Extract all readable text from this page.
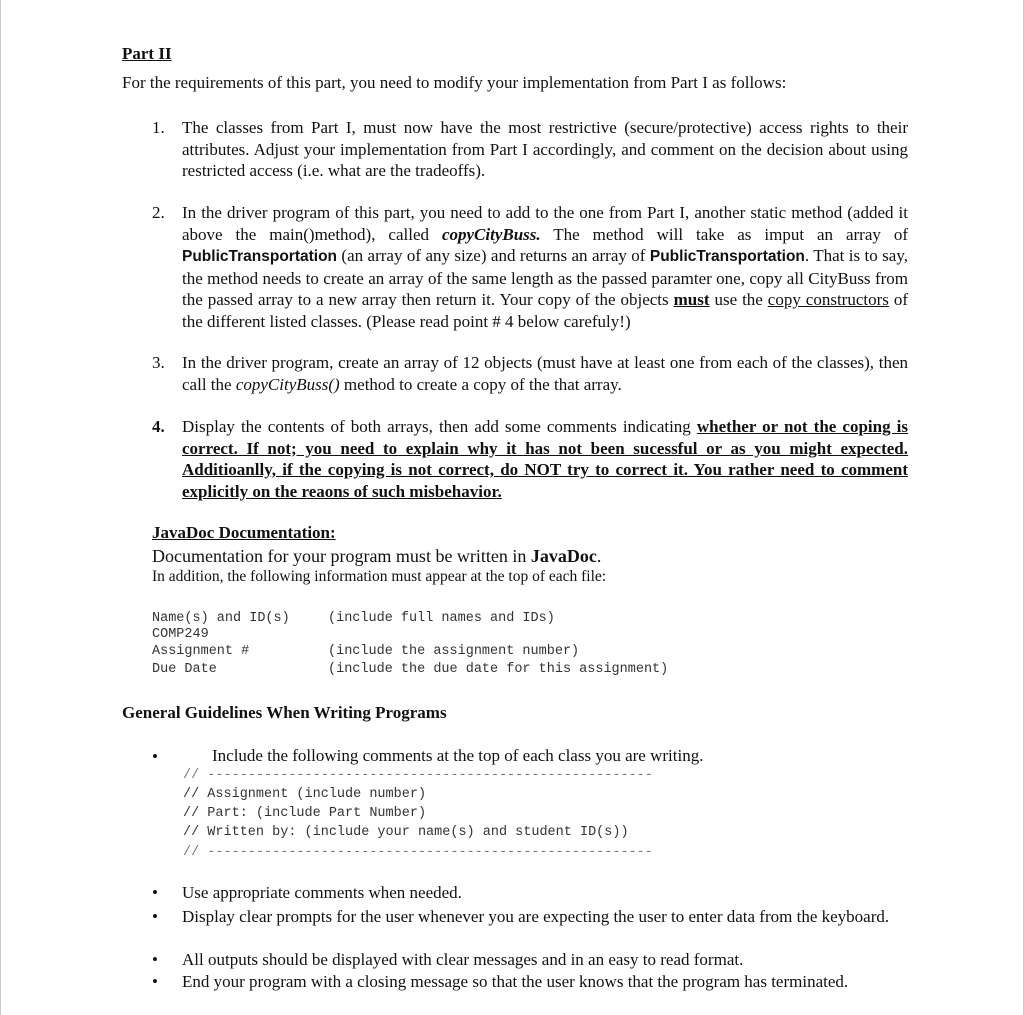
Part II

For the requirements of this part, you need to modify your implementation from Part I as follows:

1.	The classes from Part I, must now have the most restrictive (secure/protective) access rights to their attributes. Adjust your implementation from Part I accordingly, and comment on the decision about using restricted access (i.e. what are the tradeoffs).
2.	In the driver program of this part, you need to add to the one from Part I, another static method (added it above the main()method), called copyCityBuss. The method will take as imput an array of PublicTransportation (an array of any size) and returns an array of PublicTransportation. That is to say, the method needs to create an array of the same length as the passed paramter one, copy all CityBuss from the passed array to a new array then return it. Your copy of the objects must use the copy constructors of the different listed classes. (Please read point # 4 below carefuly!)
3.	In the driver program, create an array of 12 objects (must have at least one from each of the classes), then call the copyCityBuss() method to create a copy of the that array.
4.	Display the contents of both arrays, then add some comments indicating whether or not the coping is correct. If not; you need to explain why it has not been sucessful or as you might expected. Additioanlly, if the copying is not correct, do NOT try to correct it. You rather need to comment explicitly on the reaons of such misbehavior.
JavaDoc Documentation:

Documentation for your program must be written in JavaDoc.

In addition, the following information must appear at the top of each file:

Name(s) and ID(s)	(include full names and IDs)
COMP249
Assignment #	(include the assignment number)
Due Date	(include the due date for this assignment)
General Guidelines When Writing Programs
•	Include the following comments at the top of each class you are writing.

// -------------------------------------------------------
// Assignment (include number)
// Part: (include Part Number)
// Written by: (include your name(s) and student ID(s))
// -------------------------------------------------------
• Use appropriate comments when needed.
• Display clear prompts for the user whenever you are expecting the user to enter data from the keyboard.
• All outputs should be displayed with clear messages and in an easy to read format.
• End your program with a closing message so that the user knows that the program has terminated.
